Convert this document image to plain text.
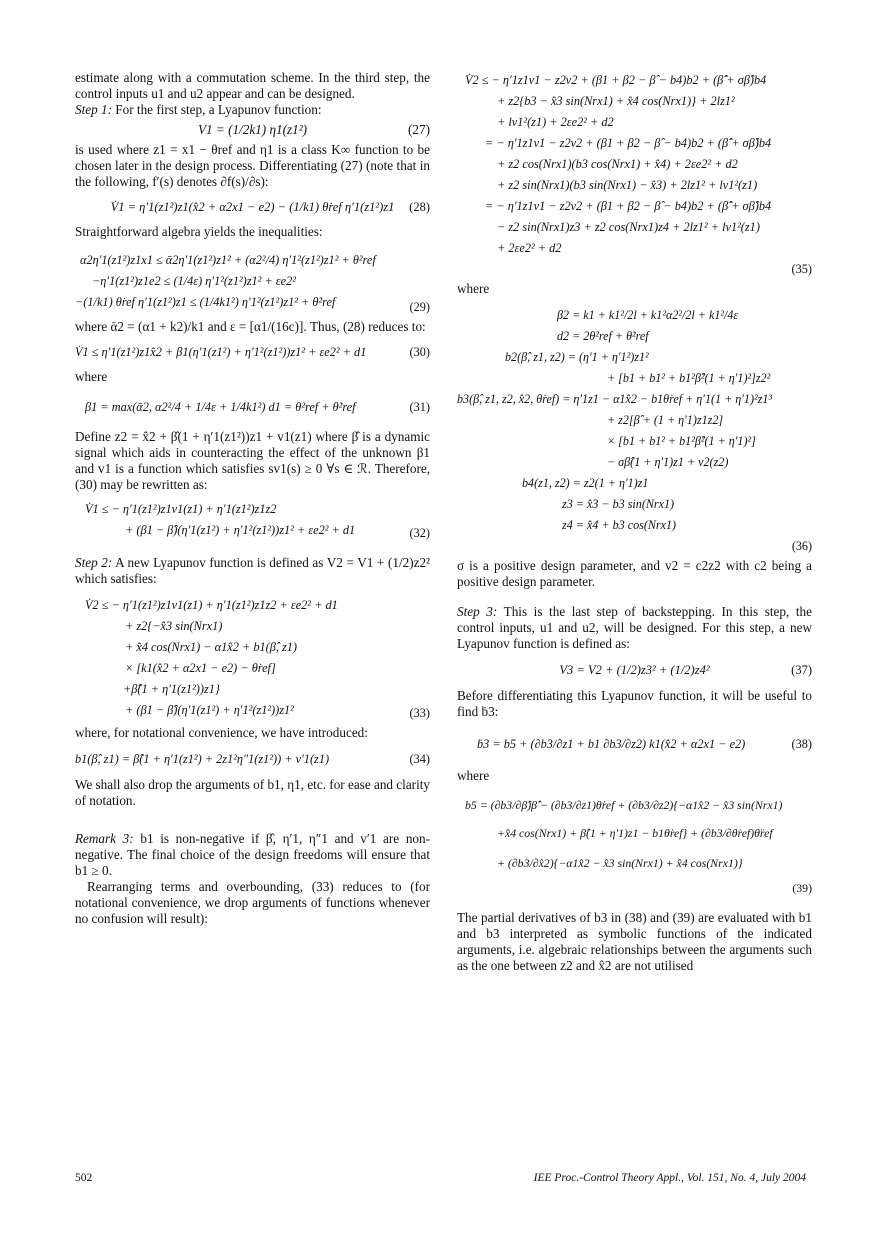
estimate along with a commutation scheme. In the third step, the control inputs u1 and u2 appear and can be designed.

Step 1: For the first step, a Lyapunov function:

V1 = (1/2k1) η1(z1²)	(27)

is used where z1 = x1 − θref and η1 is a class K∞ function to be chosen later in the design process. Differentiating (27) (note that in the following, f′(s) denotes ∂f(s)/∂s):

V̇1 = η′1(z1²)z1(x̂2 + α2x1 − e2) − (1/k1) θ̇ref η′1(z1²)z1 (28)

Straightforward algebra yields the inequalities:

α2η′1(z1²)z1x1 ≤ ᾱ2η′1(z1²)z1² + (α2²/4) η′1²(z1²)z1² + θ²ref
−η′1(z1²)z1e2 ≤ (1/4ε) η′1²(z1²)z1² + εe2²
−(1/k1) θ̇ref η′1(z1²)z1 ≤ (1/4k1²) η′1²(z1²)z1² + θ̇²ref	(29)

where ᾱ2 = (α1 + k2)/k1 and ε = [α1/(16c)]. Thus, (28) reduces to:

V̇1 ≤ η′1(z1²)z1x̂2 + β1(η′1(z1²) + η′1²(z1²))z1² + εe2² + d1	(30)

where

β1 = max(ᾱ2, α2²/4 + 1/4ε + 1/4k1²) d1 = θ²ref + θ̇²ref	(31)

Define z2 = x̂2 + β̂(1 + η′1(z1²))z1 + v1(z1) where β̂ is a dynamic signal which aids in counteracting the effect of the unknown β1 and v1 is a function which satisfies sv1(s) ≥ 0 ∀s ∈ ℛ. Therefore, (30) may be rewritten as:

V̇1 ≤ − η′1(z1²)z1v1(z1) + η′1(z1²)z1z2
+ (β1 − β̂)(η′1(z1²) + η′1²(z1²))z1² + εe2² + d1	(32)

Step 2: A new Lyapunov function is defined as V2 = V1 + (1/2)z2² which satisfies:

V̇2 ≤ − η′1(z1²)z1v1(z1) + η′1(z1²)z1z2 + εe2² + d1
+ z2{−x̂3 sin(Nrx1)
+ x̂4 cos(Nrx1) − α1x̂2 + b1(β̂, z1)
× [k1(x̂2 + α2x1 − e2) − θ̇ref]
+β̂̇(1 + η′1(z1²))z1}
+ (β1 − β̂)(η′1(z1²) + η′1²(z1²))z1²	(33)

where, for notational convenience, we have introduced:

b1(β̂, z1) = β̂(1 + η′1(z1²) + 2z1²η″1(z1²)) + v′1(z1)	(34)

We shall also drop the arguments of b1, η1, etc. for ease and clarity of notation.

Remark 3: b1 is non-negative if β̂, η′1, η″1 and v′1 are non-negative. The final choice of the design freedoms will ensure that b1 ≥ 0.

Rearranging terms and overbounding, (33) reduces to (for notational convenience, we drop arguments of functions whenever no confusion will result):

V̇2 ≤ − η′1z1v1 − z2v2 + (β1 + β2 − β̂ − b4)b2 + (β̂̇ + σβ̂)b4
+ z2{b3 − x̂3 sin(Nrx1) + x̂4 cos(Nrx1)} + 2lz1²
+ lv1²(z1) + 2εe2² + d2
= − η′1z1v1 − z2v2 + (β1 + β2 − β̂ − b4)b2 + (β̂̇ + σβ̂)b4
+ z2 cos(Nrx1)(b3 cos(Nrx1) + x̂4) + 2εe2² + d2
+ z2 sin(Nrx1)(b3 sin(Nrx1) − x̂3) + 2lz1² + lv1²(z1)
= − η′1z1v1 − z2v2 + (β1 + β2 − β̂ − b4)b2 + (β̂̇ + σβ̂)b4
− z2 sin(Nrx1)z3 + z2 cos(Nrx1)z4 + 2lz1² + lv1²(z1)
+ 2εe2² + d2
(35)

where

β2 = k1 + k1²/2l + k1²α2²/2l + k1²/4ε
d2 = 2θ²ref + θ̇²ref
b2(β̂, z1, z2) = (η′1 + η′1²)z1²
+ [b1 + b1² + b1²β̂²(1 + η′1)²]z2²
b3(β̂, z1, z2, x̂2, θ̇ref) = η′1z1 − α1x̂2 − b1θ̇ref + η′1(1 + η′1)²z1³
+ z2[β̂ + (1 + η′1)z1z2]
× [b1 + b1² + b1²β̂²(1 + η′1)²]
− σβ̂(1 + η′1)z1 + v2(z2)
b4(z1, z2) = z2(1 + η′1)z1
z3 = x̂3 − b3 sin(Nrx1)
z4 = x̂4 + b3 cos(Nrx1)
(36)

σ is a positive design parameter, and v2 = c2z2 with c2 being a positive design parameter.

Step 3: This is the last step of backstepping. In this step, the control inputs, u1 and u2, will be designed. For this step, a new Lyapunov function is defined as:

V3 = V2 + (1/2)z3² + (1/2)z4²	(37)

Before differentiating this Lyapunov function, it will be useful to find ḃ3:

ḃ3 = b5 + (∂b3/∂z1 + b1 ∂b3/∂z2) k1(x̂2 + α2x1 − e2)	(38)

where

b5 = (∂b3/∂β̂)β̂̇ − (∂b3/∂z1)θ̇ref + (∂b3/∂z2){−α1x̂2 − x̂3 sin(Nrx1)
+x̂4 cos(Nrx1) + β̂(1 + η′1)z1 − b1θ̇ref} + (∂b3/∂θ̇ref)θ̈ref
+ (∂b3/∂x̂2){−α1x̂2 − x̂3 sin(Nrx1) + x̂4 cos(Nrx1)}
(39)

The partial derivatives of b3 in (38) and (39) are evaluated with b1 and b3 interpreted as symbolic functions of the indicated arguments, i.e. algebraic relationships between the arguments such as the one between z2 and x̂2 are not utilised

502	IEE Proc.-Control Theory Appl., Vol. 151, No. 4, July 2004
